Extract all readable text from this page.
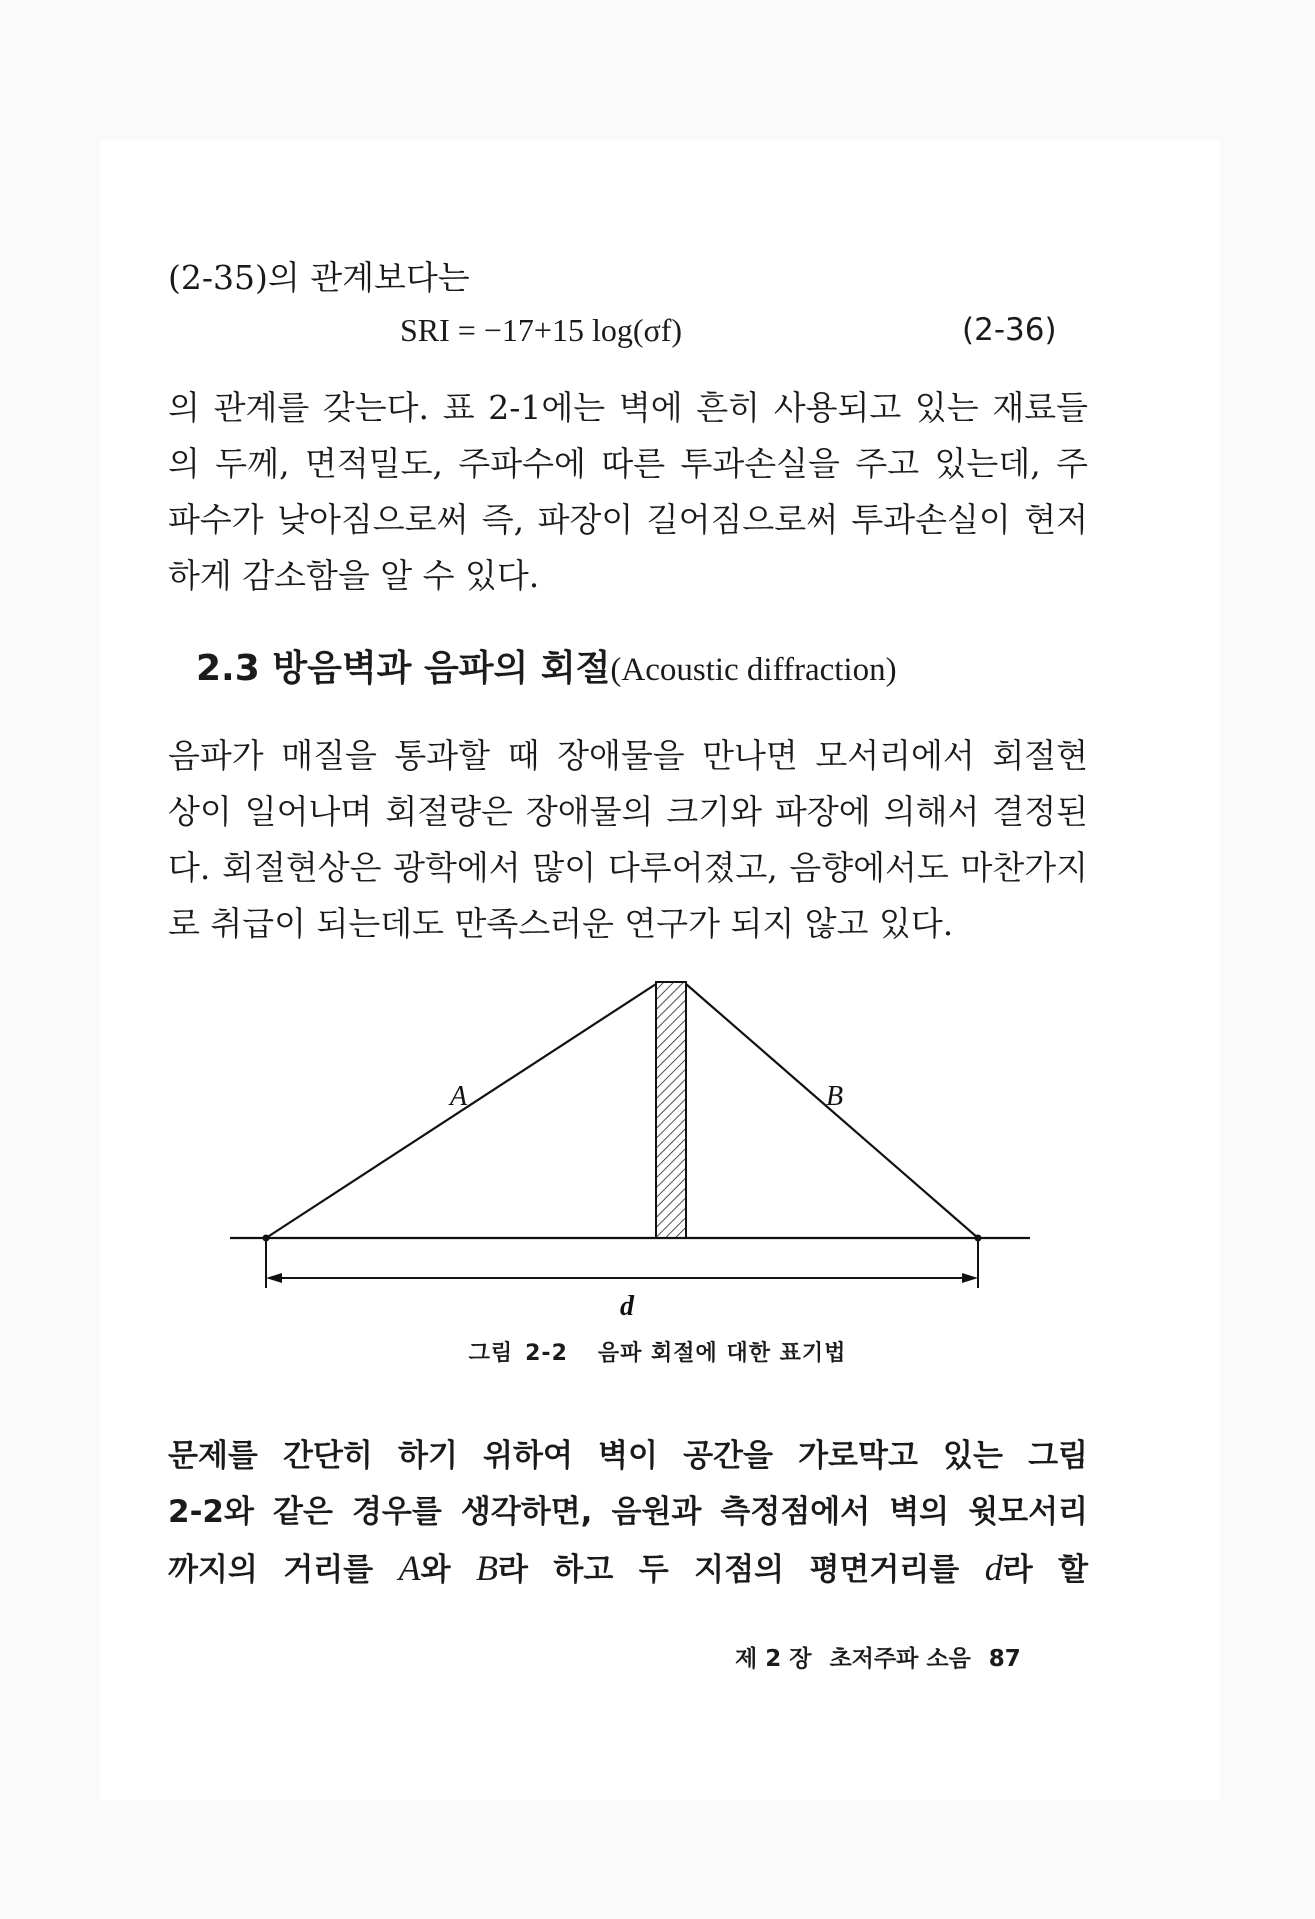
(2-35)의 관계보다는
SRI = −17+15 log(σf)	(2-36)
의 관계를 갖는다. 표 2-1에는 벽에 흔히 사용되고 있는 재료들
의 두께, 면적밀도, 주파수에 따른 투과손실을 주고 있는데, 주
파수가 낮아짐으로써 즉, 파장이 길어짐으로써 투과손실이 현저
하게 감소함을 알 수 있다.
2.3 방음벽과 음파의 회절(Acoustic diffraction)
음파가 매질을 통과할 때 장애물을 만나면 모서리에서 회절현
상이 일어나며 회절량은 장애물의 크기와 파장에 의해서 결정된
다. 회절현상은 광학에서 많이 다루어졌고, 음향에서도 마찬가지
로 취급이 되는데도 만족스러운 연구가 되지 않고 있다.
A	B
d
그림 2-2 음파 회절에 대한 표기법
문제를 간단히 하기 위하여 벽이 공간을 가로막고 있는 그림
2-2와 같은 경우를 생각하면, 음원과 측정점에서 벽의 윗모서리
까지의 거리를 A와 B라 하고 두 지점의 평면거리를 d라 할
제 2 장 초저주파 소음 87
